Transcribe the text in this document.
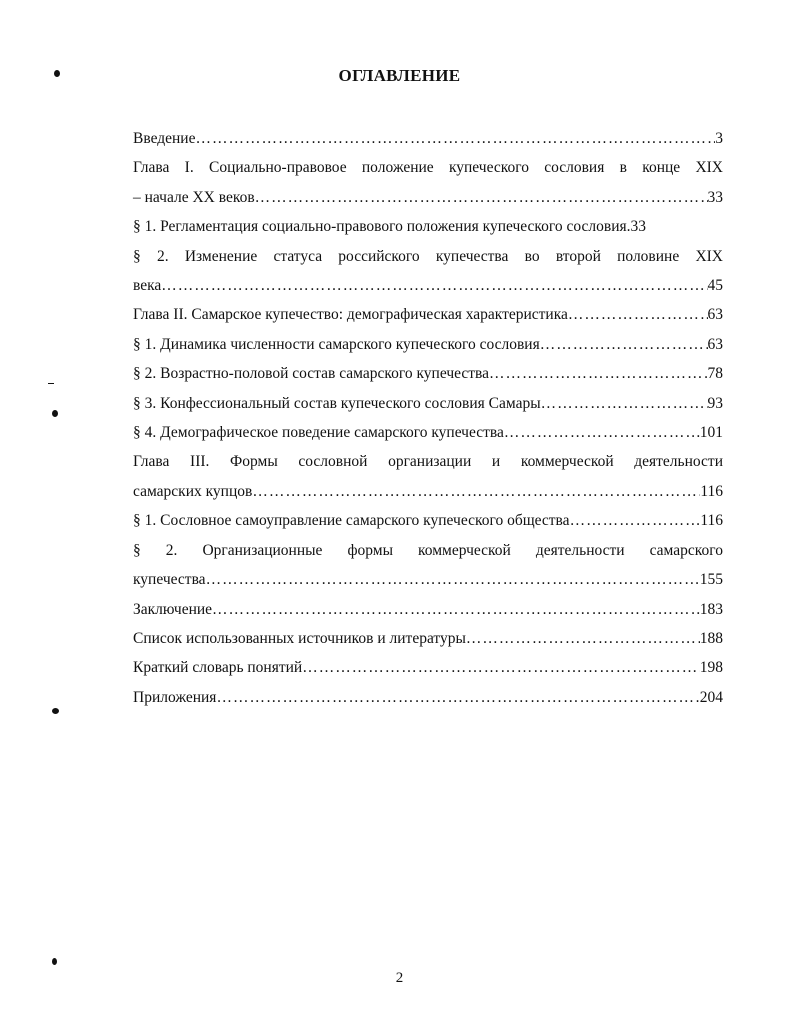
ОГЛАВЛЕНИЕ
Введение ……………………………………………………………………………………………………………………………………………………………………	3
Глава I. Социально-правовое положение купеческого сословия в конце XIX
– начале XX веков ……………………………………………………………………………………………………………………………………………………………………	33
§ 1. Регламентация социально-правового положения купеческого сословия. 33
§ 2. Изменение статуса российского купечества во второй половине XIX
века ……………………………………………………………………………………………………………………………………………………………………	45
Глава II. Самарское купечество: демографическая характеристика ……………………………………………………………………………………………………………………………………………………………………	63
§ 1. Динамика численности самарского купеческого сословия ……………………………………………………………………………………………………………………………………………………………………	63
§ 2. Возрастно-половой состав самарского купечества ……………………………………………………………………………………………………………………………………………………………………	78
§ 3. Конфессиональный состав купеческого сословия Самары ……………………………………………………………………………………………………………………………………………………………………	93
§ 4. Демографическое поведение самарского купечества ……………………………………………………………………………………………………………………………………………………………………	101
Глава III. Формы сословной организации и коммерческой деятельности
самарских купцов ……………………………………………………………………………………………………………………………………………………………………	116
§ 1. Сословное самоуправление самарского купеческого общества ……………………………………………………………………………………………………………………………………………………………………	116
§ 2. Организационные формы коммерческой деятельности самарского
купечества ……………………………………………………………………………………………………………………………………………………………………	155
Заключение ……………………………………………………………………………………………………………………………………………………………………	183
Список использованных источников и литературы ……………………………………………………………………………………………………………………………………………………………………	188
Краткий словарь понятий ……………………………………………………………………………………………………………………………………………………………………	198
Приложения ……………………………………………………………………………………………………………………………………………………………………	204
2
